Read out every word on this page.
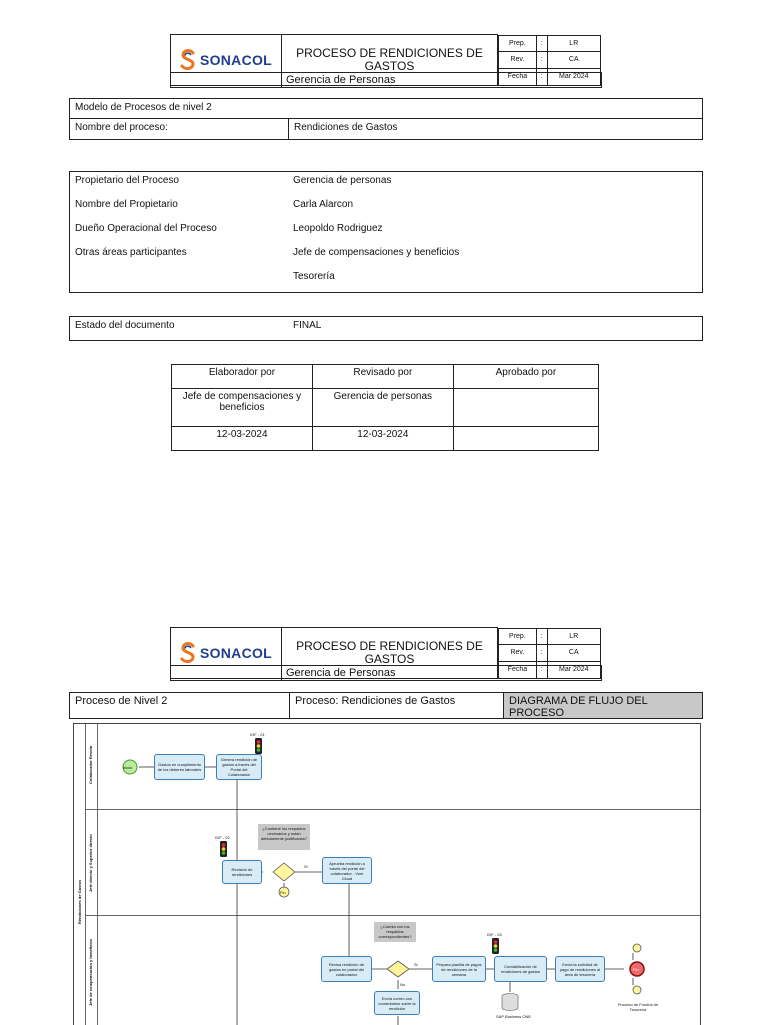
SONACOL	PROCESO DE RENDICIONES DE GASTOS	
Prep.	:	LR
Rev.	:	CA
Fecha	:	Mar 2024

Gerencia de Personas
Modelo de Procesos de nivel 2
Nombre del proceso:	Rendiciones de Gastos
Propietario del Proceso	Gerencia de personas
Nombre del Propietario	Carla Alarcon
Dueño Operacional del Proceso	Leopoldo Rodriguez
Otras áreas participantes	Jefe de compensaciones y beneficios
Tesorería
Estado del documento	FINAL
Elaborador por	Revisado por	Aprobado por
Jefe de compensaciones y beneficios	Gerencia de personas	
12-03-2024	12-03-2024	
SONACOL	PROCESO DE RENDICIONES DE GASTOS	
Prep.	:	LR
Rev.	:	CA
Fecha	:	Mar 2024

Gerencia de Personas
Proceso de Nivel 2	Proceso: Rendiciones de Gastos	DIAGRAMA DE FLUJO DEL PROCESO
Rendiciones de Gastos
Colaborador Resoin
Jefe directo y Superior directo
Jefe de compensación y beneficios
Inicio
IGF - 01
IGF - 02
IGF - 03
Si
Si
No
Fin
Fin
SAP Business ONE
Proceso de Fondos de Tesorería
Gastos en cumplimiento de los deberes laborales
Genera rendición de gastos a través del Portal del Colaborador
Revisión de rendiciones
Aprueba rendición a través del portal del colaborador - Vom Cloud
Revisa rendición de gastos en portal del colaborador
Prepara planilla de pagos de rendiciones de la semana
Contabilización de rendiciones de gastos
Envía la solicitud de pago de rendiciones al área de tesorería
Envía correo con comentarios sobre la rendición
¿Contiene los respaldos necesarios y están debidamente justificados?
¿Cuenta con los respaldos correspondientes?
